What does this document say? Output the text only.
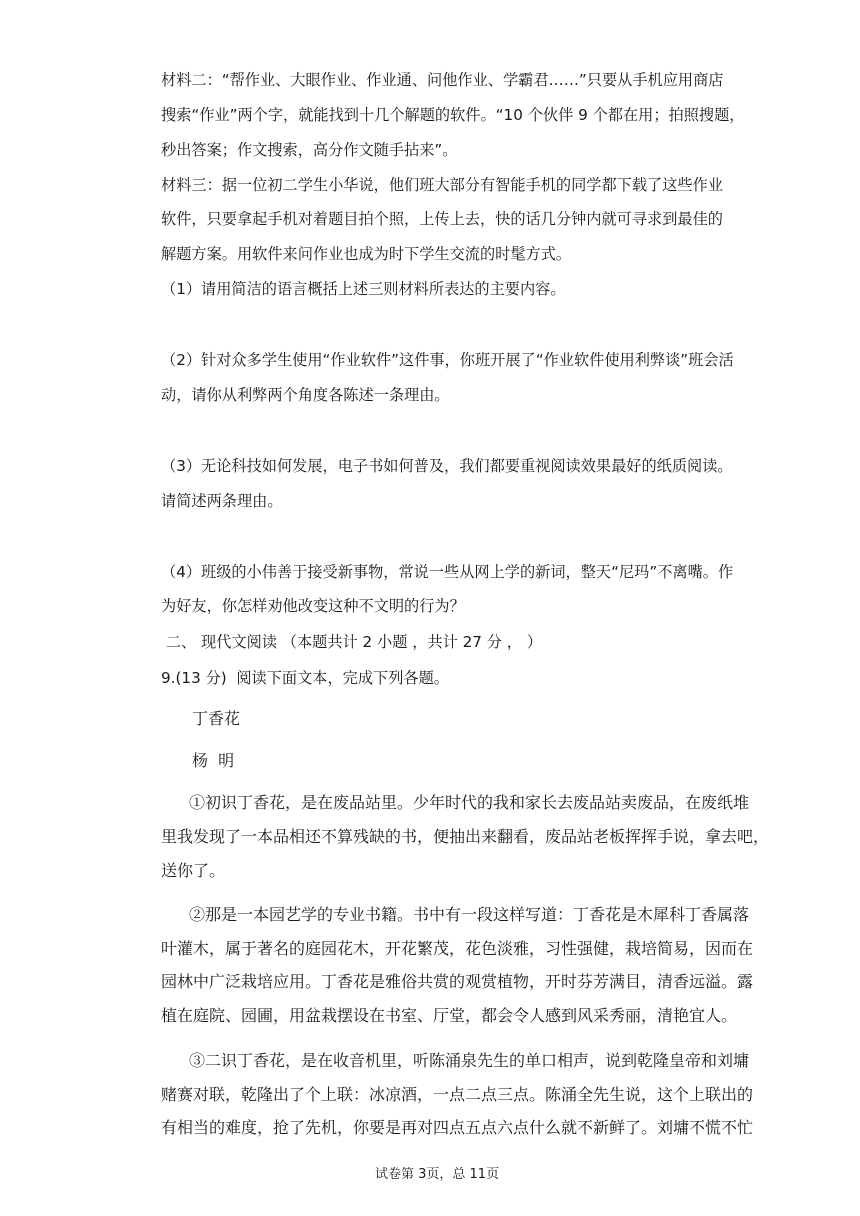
材料二：“帮作业、大眼作业、作业通、问他作业、学霸君……”只要从手机应用商店

搜索“作业”两个字，就能找到十几个解题的软件。“10 个伙伴 9 个都在用；拍照搜题，

秒出答案；作文搜索，高分作文随手拈来”。

材料三：据一位初二学生小华说，他们班大部分有智能手机的同学都下载了这些作业

软件，只要拿起手机对着题目拍个照，上传上去，快的话几分钟内就可寻求到最佳的

解题方案。用软件来问作业也成为时下学生交流的时髦方式。

（1）请用简洁的语言概括上述三则材料所表达的主要内容。

（2）针对众多学生使用“作业软件”这件事，你班开展了“作业软件使用利弊谈”班会活

动，请你从利弊两个角度各陈述一条理由。

（3）无论科技如何发展，电子书如何普及，我们都要重视阅读效果最好的纸质阅读。

请简述两条理由。

（4）班级的小伟善于接受新事物，常说一些从网上学的新词，整天“尼玛”不离嘴。作

为好友，你怎样劝他改变这种不文明的行为？

二、 现代文阅读 （本题共计 2 小题 ，共计 27 分 ， ）

9.(13 分)  阅读下面文本，完成下列各题。

丁香花

杨  明

①初识丁香花，是在废品站里。少年时代的我和家长去废品站卖废品，在废纸堆

里我发现了一本品相还不算残缺的书，便抽出来翻看，废品站老板挥挥手说，拿去吧，

送你了。

②那是一本园艺学的专业书籍。书中有一段这样写道：丁香花是木犀科丁香属落

叶灌木，属于著名的庭园花木，开花繁茂，花色淡雅，习性强健，栽培简易，因而在

园林中广泛栽培应用。丁香花是雅俗共赏的观赏植物，开时芬芳满目，清香远溢。露

植在庭院、园圃，用盆栽摆设在书室、厅堂，都会令人感到风采秀丽，清艳宜人。

③二识丁香花，是在收音机里，听陈涌泉先生的单口相声，说到乾隆皇帝和刘墉

赌赛对联，乾隆出了个上联：冰凉酒，一点二点三点。陈涌全先生说，这个上联出的

有相当的难度，抢了先机，你要是再对四点五点六点什么就不新鲜了。刘墉不慌不忙

试卷第 3页，总 11页
